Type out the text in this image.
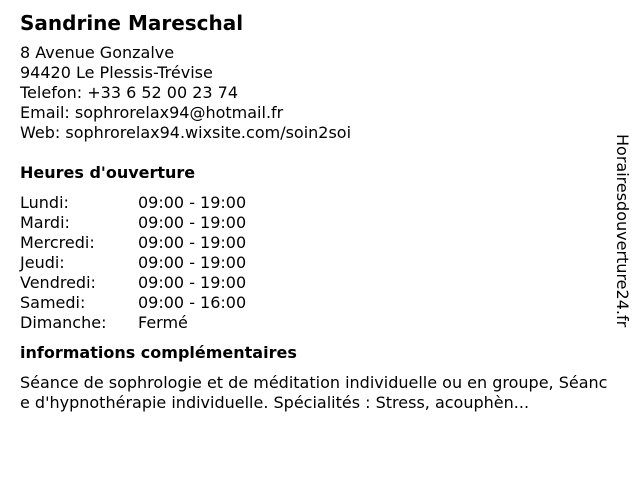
Sandrine Mareschal
8 Avenue Gonzalve
94420 Le Plessis-Trévise
Telefon: +33 6 52 00 23 74
Email: sophrorelax94@hotmail.fr
Web: sophrorelax94.wixsite.com/soin2soi
Heures d'ouverture
Lundi:	09:00 - 19:00
Mardi:	09:00 - 19:00
Mercredi:	09:00 - 19:00
Jeudi:	09:00 - 19:00
Vendredi:	09:00 - 19:00
Samedi:	09:00 - 16:00
Dimanche:	Fermé
informations complémentaires
Séance de sophrologie et de méditation individuelle ou en groupe, Séance d'hypnothérapie individuelle. Spécialités : Stress, acouphèn...
Horairesdouverture24.fr
